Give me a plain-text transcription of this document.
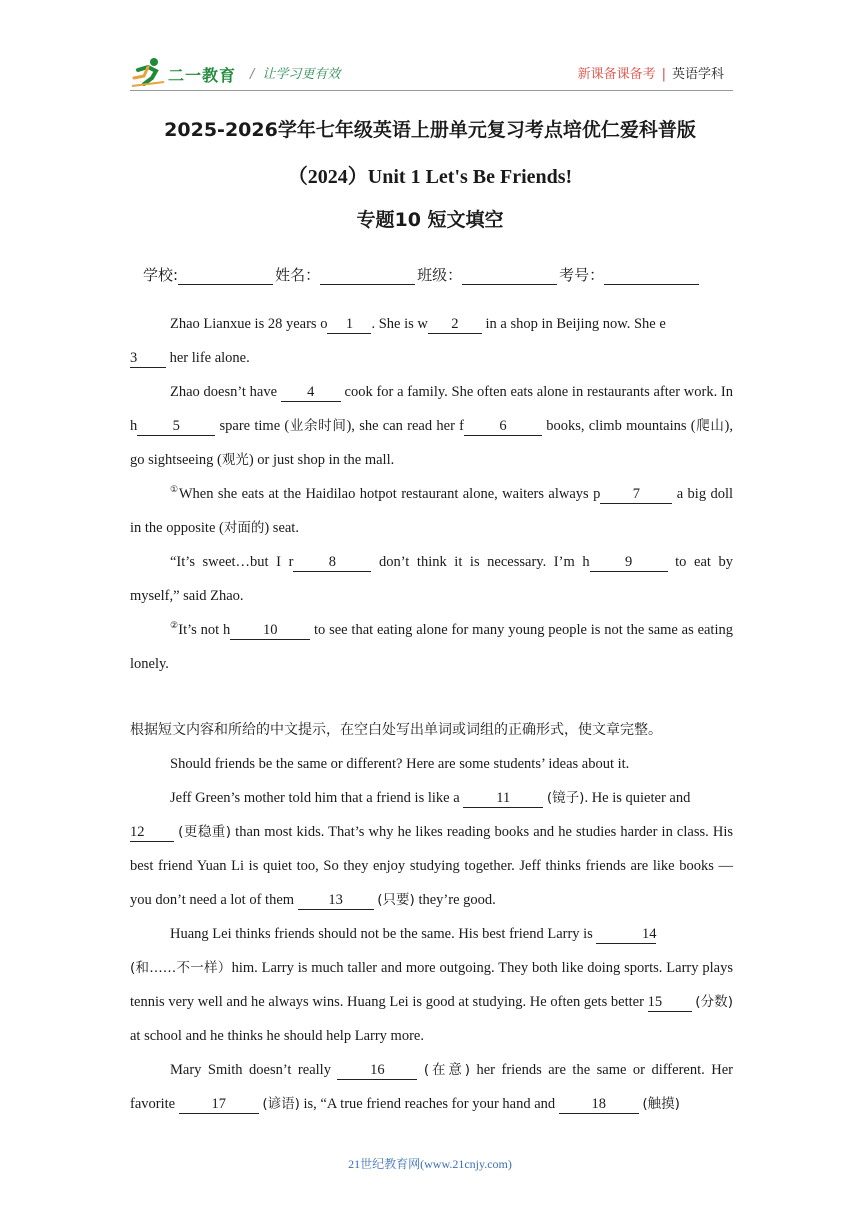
二一教育 / 让学习更有效	新课备课备考 | 英语学科
2025-2026学年七年级英语上册单元复习考点培优仁爱科普版
（2024）Unit 1 Let's Be Friends!
专题10 短文填空
学校:	姓名：	班级：	考号：

Zhao Lianxue is 28 years o 1 . She is w 2 in a shop in Beijing now. She e
3 her life alone.

Zhao doesn’t have 4 cook for a family. She often eats alone in restaurants after work. In h 5 spare time (业余时间), she can read her f 6 books, climb mountains (爬山), go sightseeing (观光) or just shop in the mall.

①When she eats at the Haidilao hotpot restaurant alone, waiters always p 7 a big doll in the opposite (对面的) seat.

“It’s sweet…but I r 8 don’t think it is necessary. I’m h 9 to eat by myself,” said Zhao.

②It’s not h 10 to see that eating alone for many young people is not the same as eating lonely.

根据短文内容和所给的中文提示，在空白处写出单词或词组的正确形式，使文章完整。

Should friends be the same or different? Here are some students’ ideas about it.

Jeff Green’s mother told him that a friend is like a 11	(镜子). He is quieter and
12 (更稳重) than most kids. That’s why he likes reading books and he studies harder in class. His best friend Yuan Li is quiet too, So they enjoy studying together. Jeff thinks friends are like books — you don’t need a lot of them 13	(只要) they’re good.

Huang Lei thinks friends should not be the same. His best friend Larry is	14
(和……不一样）him. Larry is much taller and more outgoing. They both like doing sports. Larry plays tennis very well and he always wins. Huang Lei is good at studying. He often gets better 15 (分数) at school and he thinks he should help Larry more.

Mary Smith doesn’t really 16	(在意) her friends are the same or different. Her favorite 17	(谚语) is, “A true friend reaches for your hand and 18	(触摸)

21世纪教育网(www.21cnjy.com)
